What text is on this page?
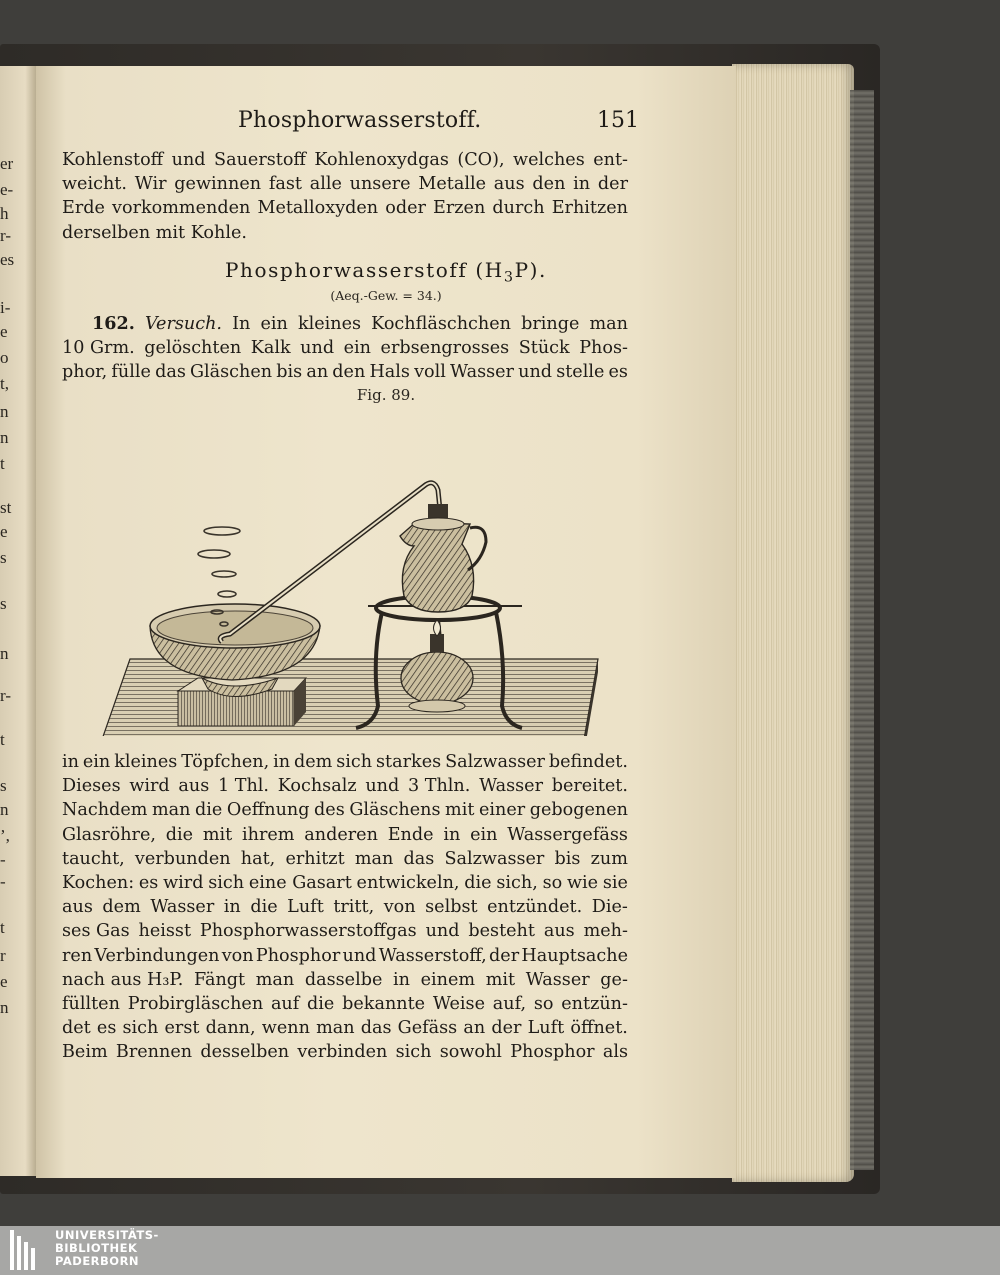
er
e-
h
r-
es
i-
e
o
t,
n
n
t
st
e
s
s
n
r-
t
s
n
’,
-
-
t
r
e
n
Phosphorwasserstoff.	151
Kohlenstoff und Sauerstoff Kohlenoxydgas (CO), welches ent-
weicht. Wir gewinnen fast alle unsere Metalle aus den in der
Erde vorkommenden Metalloxyden oder Erzen durch Erhitzen
derselben mit Kohle.
Phosphorwasserstoff $(H_3P)$.
(Aeq.-Gew. = 34.)
162. Versuch. In ein kleines Kochfläschchen bringe man
10 Grm. gelöschten Kalk und ein erbsengrosses Stück Phos-
phor, fülle das Gläschen bis an den Hals voll Wasser und stelle es
Fig. 89.
in ein kleines Töpfchen, in dem sich starkes Salzwasser befindet.
Dieses wird aus 1 Thl. Kochsalz und 3 Thln. Wasser bereitet.
Nachdem man die Oeffnung des Gläschens mit einer gebogenen
Glasröhre, die mit ihrem anderen Ende in ein Wassergefäss
taucht, verbunden hat, erhitzt man das Salzwasser bis zum
Kochen: es wird sich eine Gasart entwickeln, die sich, so wie sie
aus dem Wasser in die Luft tritt, von selbst entzündet. Die-
ses Gas heisst Phosphorwasserstoffgas und besteht aus meh-
ren Verbindungen von Phosphor und Wasserstoff, der Hauptsache
nach aus H₃P. Fängt man dasselbe in einem mit Wasser ge-
füllten Probirgläschen auf die bekannte Weise auf, so entzün-
det es sich erst dann, wenn man das Gefäss an der Luft öffnet.
Beim Brennen desselben verbinden sich sowohl Phosphor als
UNIVERSITÄTS-
BIBLIOTHEK
PADERBORN
